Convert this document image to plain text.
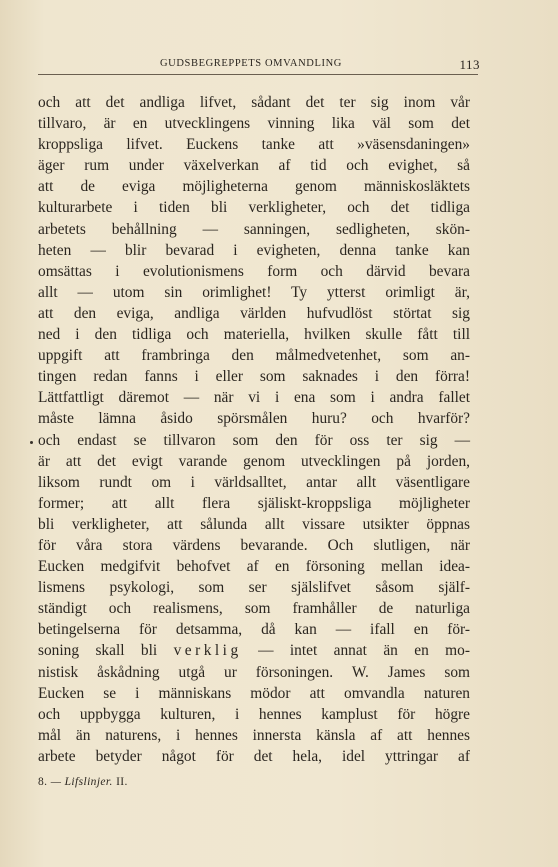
GUDSBEGREPPETS OMVANDLING	113
och att det andliga lifvet, sådant det ter sig inom vår
tillvaro, är en utvecklingens vinning lika väl som det
kroppsliga lifvet. Euckens tanke att »väsensdaningen»
äger rum under växelverkan af tid och evighet, så
att de eviga möjligheterna genom människosläktets
kulturarbete i tiden bli verkligheter, och det tidliga
arbetets behållning — sanningen, sedligheten, skön-
heten — blir bevarad i evigheten, denna tanke kan
omsättas i evolutionismens form och därvid bevara
allt — utom sin orimlighet! Ty ytterst orimligt är,
att den eviga, andliga världen hufvudlöst störtat sig
ned i den tidliga och materiella, hvilken skulle fått till
uppgift att frambringa den målmedvetenhet, som an-
tingen redan fanns i eller som saknades i den förra!
Lättfattligt däremot — när vi i ena som i andra fallet
måste lämna åsido spörsmålen huru? och hvarför?
och endast se tillvaron som den för oss ter sig —
är att det evigt varande genom utvecklingen på jorden,
liksom rundt om i världsalltet, antar allt väsentligare
former; att allt flera själiskt-kroppsliga möjligheter
bli verkligheter, att sålunda allt vissare utsikter öppnas
för våra stora värdens bevarande. Och slutligen, när
Eucken medgifvit behofvet af en försoning mellan idea-
lismens psykologi, som ser själslifvet såsom själf-
ständigt och realismens, som framhåller de naturliga
betingelserna för detsamma, då kan — ifall en för-
soning skall bli verklig — intet annat än en mo-
nistisk åskådning utgå ur försoningen. W. James som
Eucken se i människans mödor att omvandla naturen
och uppbygga kulturen, i hennes kamplust för högre
mål än naturens, i hennes innersta känsla af att hennes
arbete betyder något för det hela, idel yttringar af
8. — Lifslinjer. II.
